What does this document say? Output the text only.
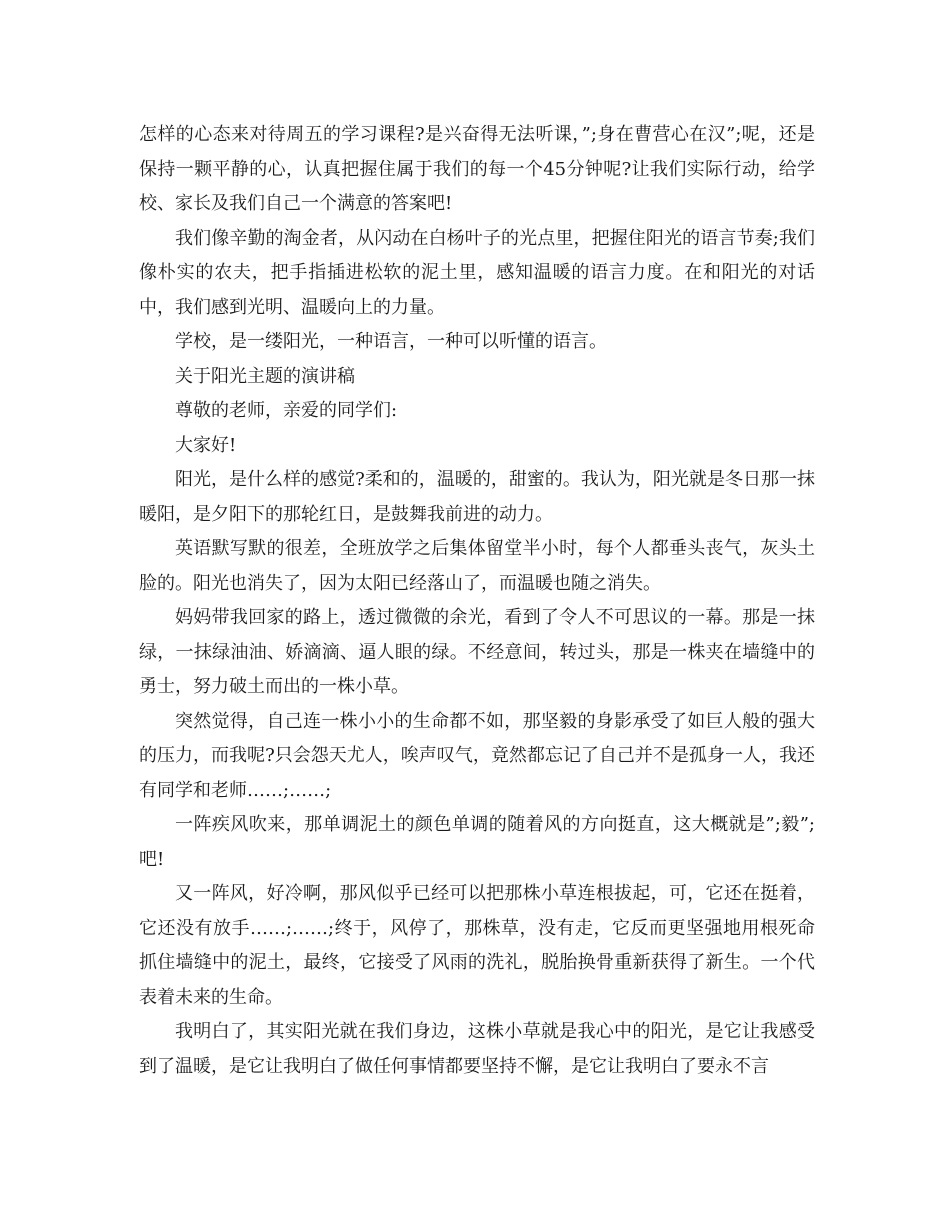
怎样的心态来对待周五的学习课程?是兴奋得无法听课，”;身在曹营心在汉”;呢，还是保持一颗平静的心，认真把握住属于我们的每一个45分钟呢?让我们实际行动，给学校、家长及我们自己一个满意的答案吧!

我们像辛勤的淘金者，从闪动在白杨叶子的光点里，把握住阳光的语言节奏;我们像朴实的农夫，把手指插进松软的泥土里，感知温暖的语言力度。在和阳光的对话中，我们感到光明、温暖向上的力量。

学校，是一缕阳光，一种语言，一种可以听懂的语言。

关于阳光主题的演讲稿

尊敬的老师，亲爱的同学们:

大家好!

阳光，是什么样的感觉?柔和的，温暖的，甜蜜的。我认为，阳光就是冬日那一抹暖阳，是夕阳下的那轮红日，是鼓舞我前进的动力。

英语默写默的很差，全班放学之后集体留堂半小时，每个人都垂头丧气，灰头土脸的。阳光也消失了，因为太阳已经落山了，而温暖也随之消失。

妈妈带我回家的路上，透过微微的余光，看到了令人不可思议的一幕。那是一抹绿，一抹绿油油、娇滴滴、逼人眼的绿。不经意间，转过头，那是一株夹在墙缝中的勇士，努力破土而出的一株小草。

突然觉得，自己连一株小小的生命都不如，那坚毅的身影承受了如巨人般的强大的压力，而我呢?只会怨天尤人，唉声叹气，竟然都忘记了自己并不是孤身一人，我还有同学和老师……;……;

一阵疾风吹来，那单调泥土的颜色单调的随着风的方向挺直，这大概就是”;毅”;吧!

又一阵风，好冷啊，那风似乎已经可以把那株小草连根拔起，可，它还在挺着，它还没有放手……;……;终于，风停了，那株草，没有走，它反而更坚强地用根死命抓住墙缝中的泥土，最终，它接受了风雨的洗礼，脱胎换骨重新获得了新生。一个代表着未来的生命。

我明白了，其实阳光就在我们身边，这株小草就是我心中的阳光，是它让我感受到了温暖，是它让我明白了做任何事情都要坚持不懈，是它让我明白了要永不言
